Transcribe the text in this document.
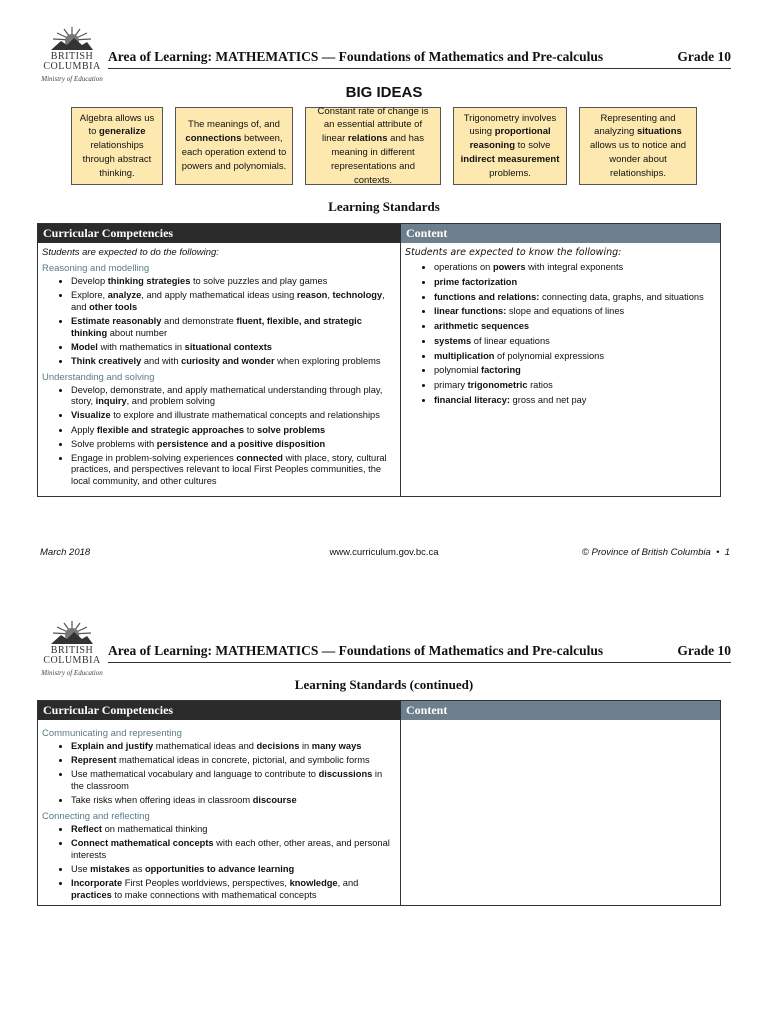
BRITISH
COLUMBIA
Ministry of Education
Area of Learning: MATHEMATICS — Foundations of Mathematics and Pre-calculus	Grade 10
BIG IDEAS
Algebra allows us to generalize relationships through abstract thinking.
The meanings of, and connections between, each operation extend to powers and polynomials.
Constant rate of change is an essential attribute of linear relations and has meaning in different representations and contexts.
Trigonometry involves using proportional reasoning to solve indirect measurement problems.
Representing and analyzing situations allows us to notice and wonder about relationships.
Learning Standards
Curricular Competencies	Content
Students are expected to do the following:
Reasoning and modelling
• Develop thinking strategies to solve puzzles and play games
• Explore, analyze, and apply mathematical ideas using reason, technology, and other tools
• Estimate reasonably and demonstrate fluent, flexible, and strategic thinking about number
• Model with mathematics in situational contexts
• Think creatively and with curiosity and wonder when exploring problems
Understanding and solving
• Develop, demonstrate, and apply mathematical understanding through play, story, inquiry, and problem solving
• Visualize to explore and illustrate mathematical concepts and relationships
• Apply flexible and strategic approaches to solve problems
• Solve problems with persistence and a positive disposition
• Engage in problem-solving experiences connected with place, story, cultural practices, and perspectives relevant to local First Peoples communities, the local community, and other cultures
Students are expected to know the following:
• operations on powers with integral exponents
• prime factorization
• functions and relations: connecting data, graphs, and situations
• linear functions: slope and equations of lines
• arithmetic sequences
• systems of linear equations
• multiplication of polynomial expressions
• polynomial factoring
• primary trigonometric ratios
• financial literacy: gross and net pay
March 2018	www.curriculum.gov.bc.ca	© Province of British Columbia  •  1
BRITISH
COLUMBIA
Ministry of Education
Area of Learning: MATHEMATICS — Foundations of Mathematics and Pre-calculus	Grade 10
Learning Standards (continued)
Curricular Competencies	Content
Communicating and representing
• Explain and justify mathematical ideas and decisions in many ways
• Represent mathematical ideas in concrete, pictorial, and symbolic forms
• Use mathematical vocabulary and language to contribute to discussions in the classroom
• Take risks when offering ideas in classroom discourse
Connecting and reflecting
• Reflect on mathematical thinking
• Connect mathematical concepts with each other, other areas, and personal interests
• Use mistakes as opportunities to advance learning
• Incorporate First Peoples worldviews, perspectives, knowledge, and practices to make connections with mathematical concepts
